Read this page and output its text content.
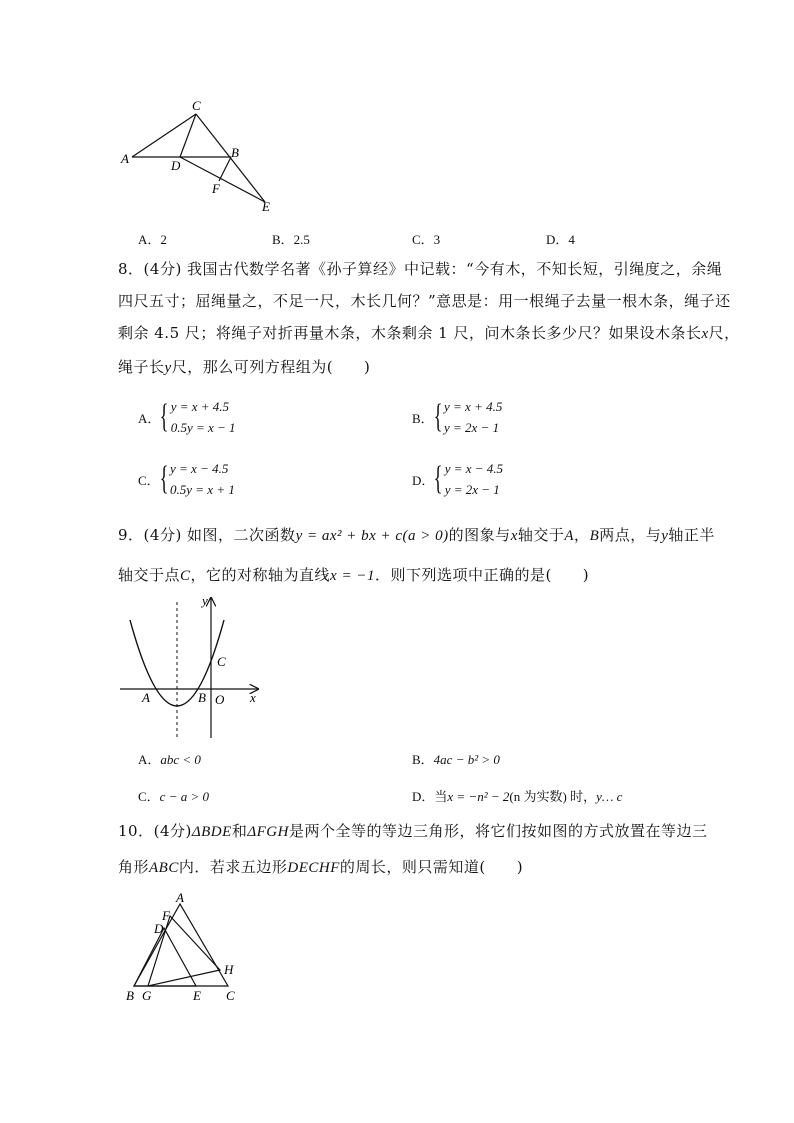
A
C
B
D
F
E
A．2	B．2.5	C．3	D．4
8．(4分) 我国古代数学名著《孙子算经》中记载：“今有木，不知长短，引绳度之，余绳
四尺五寸；屈绳量之，不足一尺，木长几何？”意思是：用一根绳子去量一根木条，绳子还
剩余 4.5 尺；将绳子对折再量木条，木条剩余 1 尺，问木条长多少尺？如果设木条长x尺，
绳子长y尺，那么可列方程组为(　　)
A． { y = x + 4.5
0.5y = x − 1
B． { y = x + 4.5
y = 2x − 1
C． { y = x − 4.5
0.5y = x + 1
D． { y = x − 4.5
y = 2x − 1
9．(4分) 如图，二次函数y = ax² + bx + c(a > 0)的图象与x轴交于A，B两点，与y轴正半
轴交于点C，它的对称轴为直线x = −1．则下列选项中正确的是(　　)
y
x
A	B O
C
A．abc < 0	B．4ac − b² > 0
C．c − a > 0	D．当x = −n² − 2(n 为实数) 时，y… c
10．(4分)ΔBDE和ΔFGH是两个全等的等边三角形，将它们按如图的方式放置在等边三
角形ABC内．若求五边形DECHF的周长，则只需知道(　　)
A
F
D
H
B G	E C
